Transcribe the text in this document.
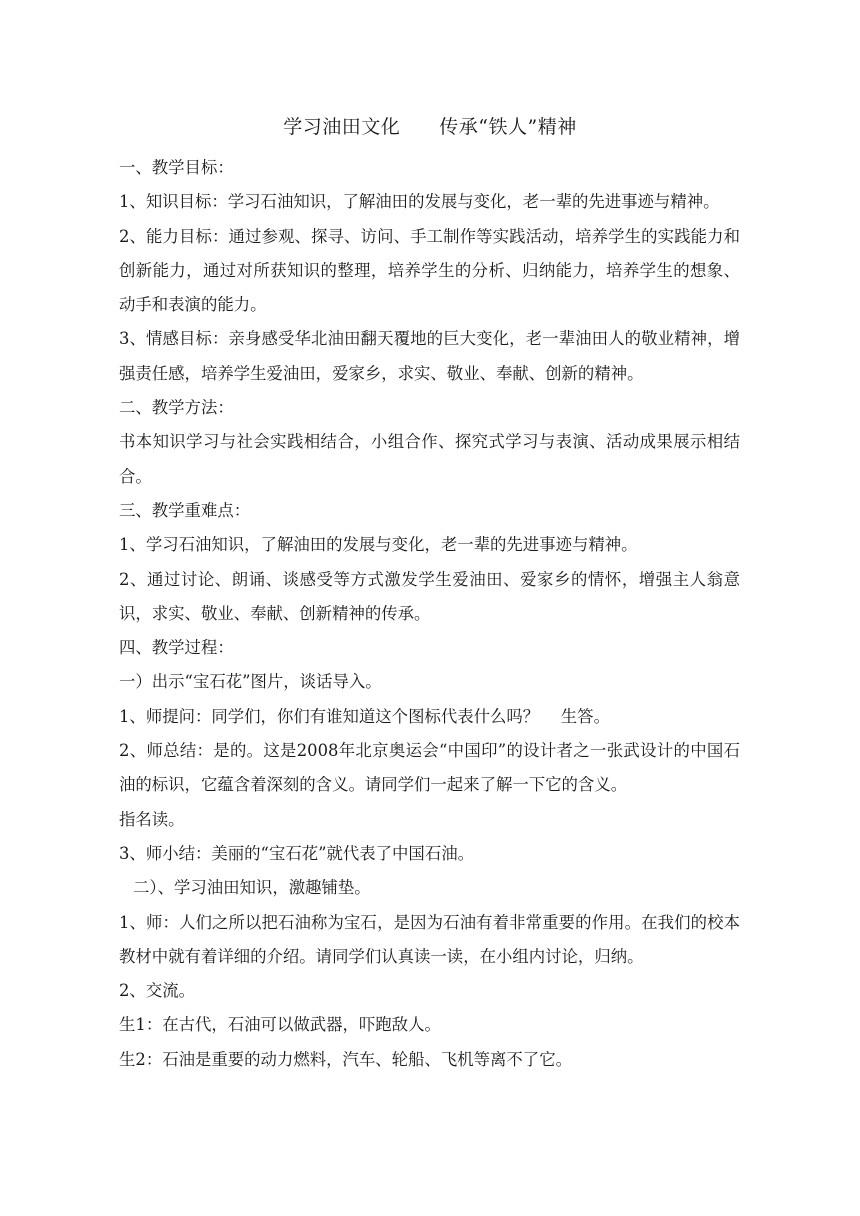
学习油田文化　　传承“铁人”精神

一、教学目标：

1、知识目标：学习石油知识，了解油田的发展与变化，老一辈的先进事迹与精神。

2、能力目标：通过参观、探寻、访问、手工制作等实践活动，培养学生的实践能力和创新能力，通过对所获知识的整理，培养学生的分析、归纳能力，培养学生的想象、动手和表演的能力。

3、情感目标：亲身感受华北油田翻天覆地的巨大变化，老一辈油田人的敬业精神，增强责任感，培养学生爱油田，爱家乡，求实、敬业、奉献、创新的精神。

二、教学方法：

书本知识学习与社会实践相结合，小组合作、探究式学习与表演、活动成果展示相结合。

三、教学重难点：

1、学习石油知识，了解油田的发展与变化，老一辈的先进事迹与精神。

2、通过讨论、朗诵、谈感受等方式激发学生爱油田、爱家乡的情怀，增强主人翁意识，求实、敬业、奉献、创新精神的传承。

四、教学过程：

一）出示“宝石花”图片，谈话导入。

1、师提问：同学们，你们有谁知道这个图标代表什么吗？　 生答。

2、师总结：是的。这是2008年北京奥运会“中国印”的设计者之一张武设计的中国石油的标识，它蕴含着深刻的含义。请同学们一起来了解一下它的含义。

指名读。

3、师小结：美丽的“宝石花”就代表了中国石油。

二）、学习油田知识，激趣铺垫。

1、师：人们之所以把石油称为宝石，是因为石油有着非常重要的作用。在我们的校本教材中就有着详细的介绍。请同学们认真读一读，在小组内讨论，归纳。

2、交流。

生1：在古代，石油可以做武器，吓跑敌人。

生2：石油是重要的动力燃料，汽车、轮船、飞机等离不了它。
